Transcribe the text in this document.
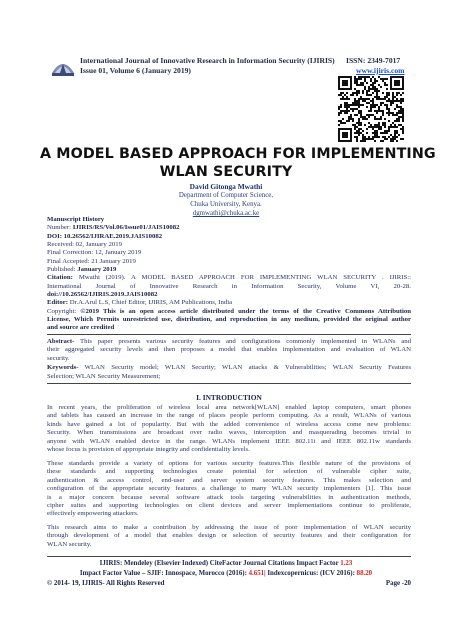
International Journal of Innovative Research in Information Security (IJIRIS)
Issue 01, Volume 6 (January 2019)
ISSN: 2349-7017
www.ijiris.com
A MODEL BASED APPROACH FOR IMPLEMENTING
WLAN SECURITY
David Gitonga Mwathi
Department of Computer Science,
Chuka University, Kenya.
dgmwathi@chuka.ac.ke
Manuscript History
Number: IJIRIS/RS/Vol.06/Issue01/JAIS10082
DOI: 10.26562/IJIRAE.2019.JAIS10082
Received: 02, January 2019
Final Correction: 12, January 2019
Final Accepted: 21 January 2019
Published: January 2019
Citation: Mwathi (2019). A MODEL BASED APPROACH FOR IMPLEMENTING WLAN SECURITY . IJIRIS::
International Journal of Innovative Research in Information Security, Volume VI, 20-28.
doi://10.26562/IJIRIS.2019.JAIS10082
Editor: Dr.A.Arul L.S, Chief Editor, IJIRIS, AM Publications, India
Copyright: ©2019 This is an open access article distributed under the terms of the Creative Commons Attribution
License, Which Permits unrestricted use, distribution, and reproduction in any medium, provided the original author
and source are credited
Abstract- This paper presents various security features and configurations commonly implemented in WLANs and
their aggregated security levels and then proposes a model that enables implementation and evaluation of WLAN
security.
Keywords- WLAN Security model; WLAN Security; WLAN attacks & Vulnerabilities; WLAN Security Features
Selection; WLAN Security Measurement;
I. INTRODUCTION
In recent years, the proliferation of wireless local area network[WLAN] enabled laptop computers, smart phones
and tablets has caused an increase in the range of places people perform computing. As a result, WLANs of various
kinds have gained a lot of popularity. But with the added convenience of wireless access come new problems:
Security. When transmissions are broadcast over radio waves, interception and masquerading becomes trivial to
anyone with WLAN enabled device in the range. WLANs implement IEEE 802.11i and IEEE 802.11w standards
whose focus is provision of appropriate integrity and confidentiality levels.
These standards provide a variety of options for various security features.This flexible nature of the provisions of
these standards and supporting technologies create potential for selection of vulnerable cipher suite,
authentication & access control, end-user and server system security features. This makes selection and
configuration of the appropriate security features a challenge to many WLAN security implementers [1]. This issue
is a major concern because several software attack tools targeting vulnerabilities in authentication methods,
cipher suites and supporting technologies on client devices and server implementations continue to proliferate,
effectively empowering attackers.
This research aims to make a contribution by addressing the issue of poor implementation of WLAN security
through development of a model that enables design or selection of security features and their configuration for
WLAN security.
IJIRIS: Mendeley (Elsevier Indexed) CiteFactor Journal Citations Impact Factor 1.23
Impact Factor Value – SJIF: Innospace, Morocco (2016): 4.651| Indexcopernicus: (ICV 2016): 88.20
© 2014- 19, IJIRIS- All Rights Reserved	Page -20
